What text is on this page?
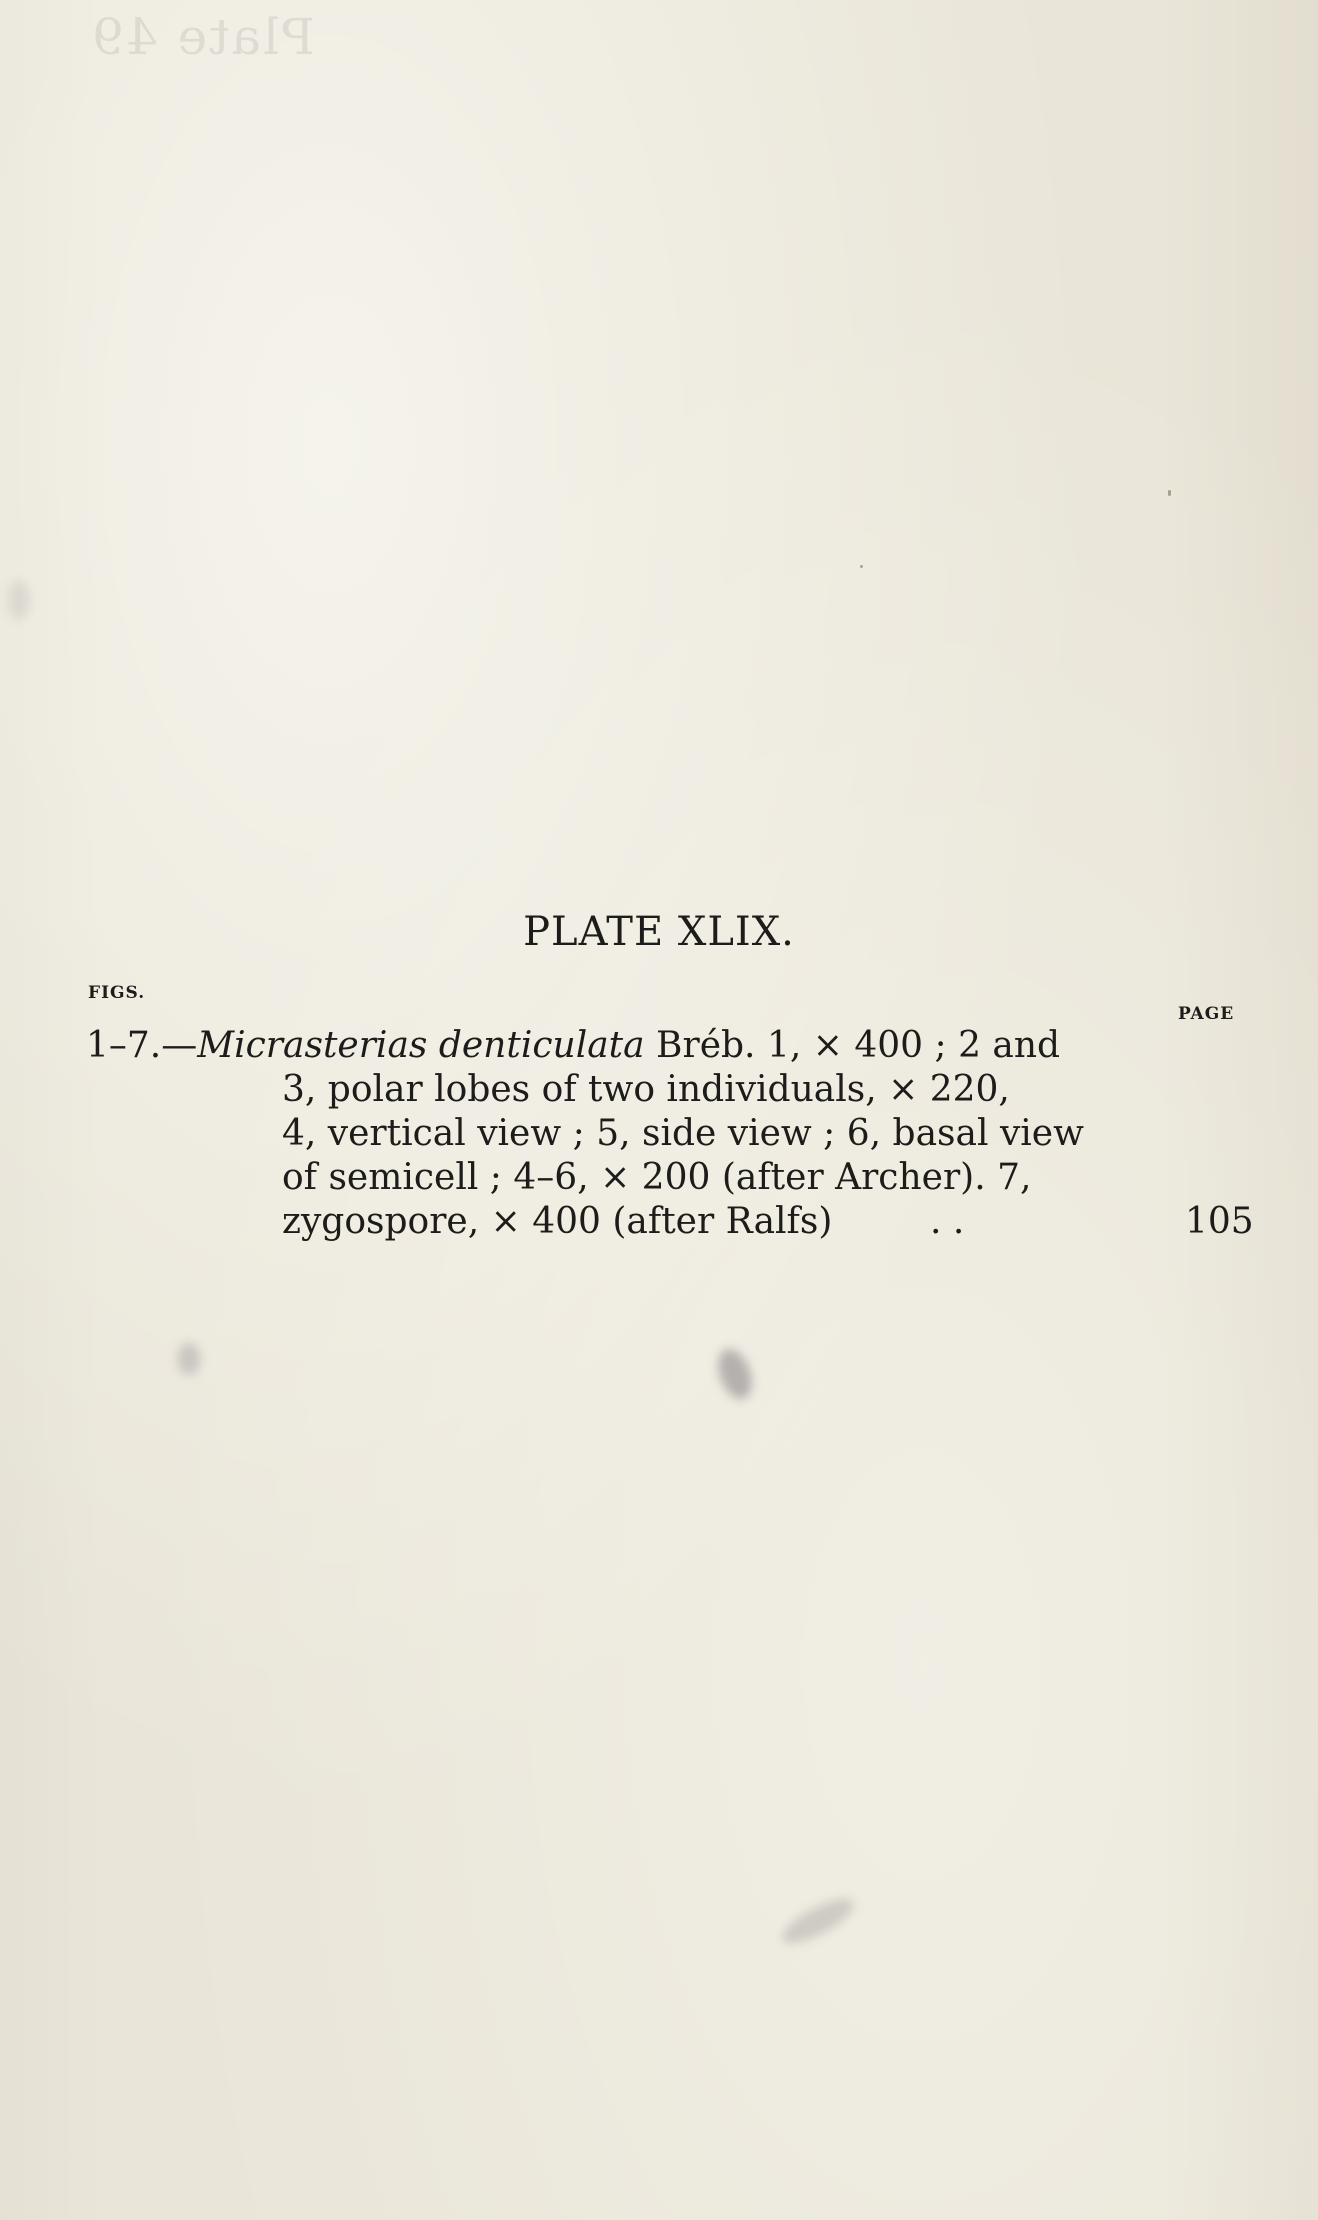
Plate 49
PLATE XLIX.
FIGS.
PAGE
1–7.—Micrasterias denticulata Bréb. 1, × 400 ; 2 and
3, polar lobes of two individuals, × 220,
4, vertical view ; 5, side view ; 6, basal view
of semicell ; 4–6, × 200 (after Archer). 7,
zygospore, × 400 (after Ralfs)	. .	105
